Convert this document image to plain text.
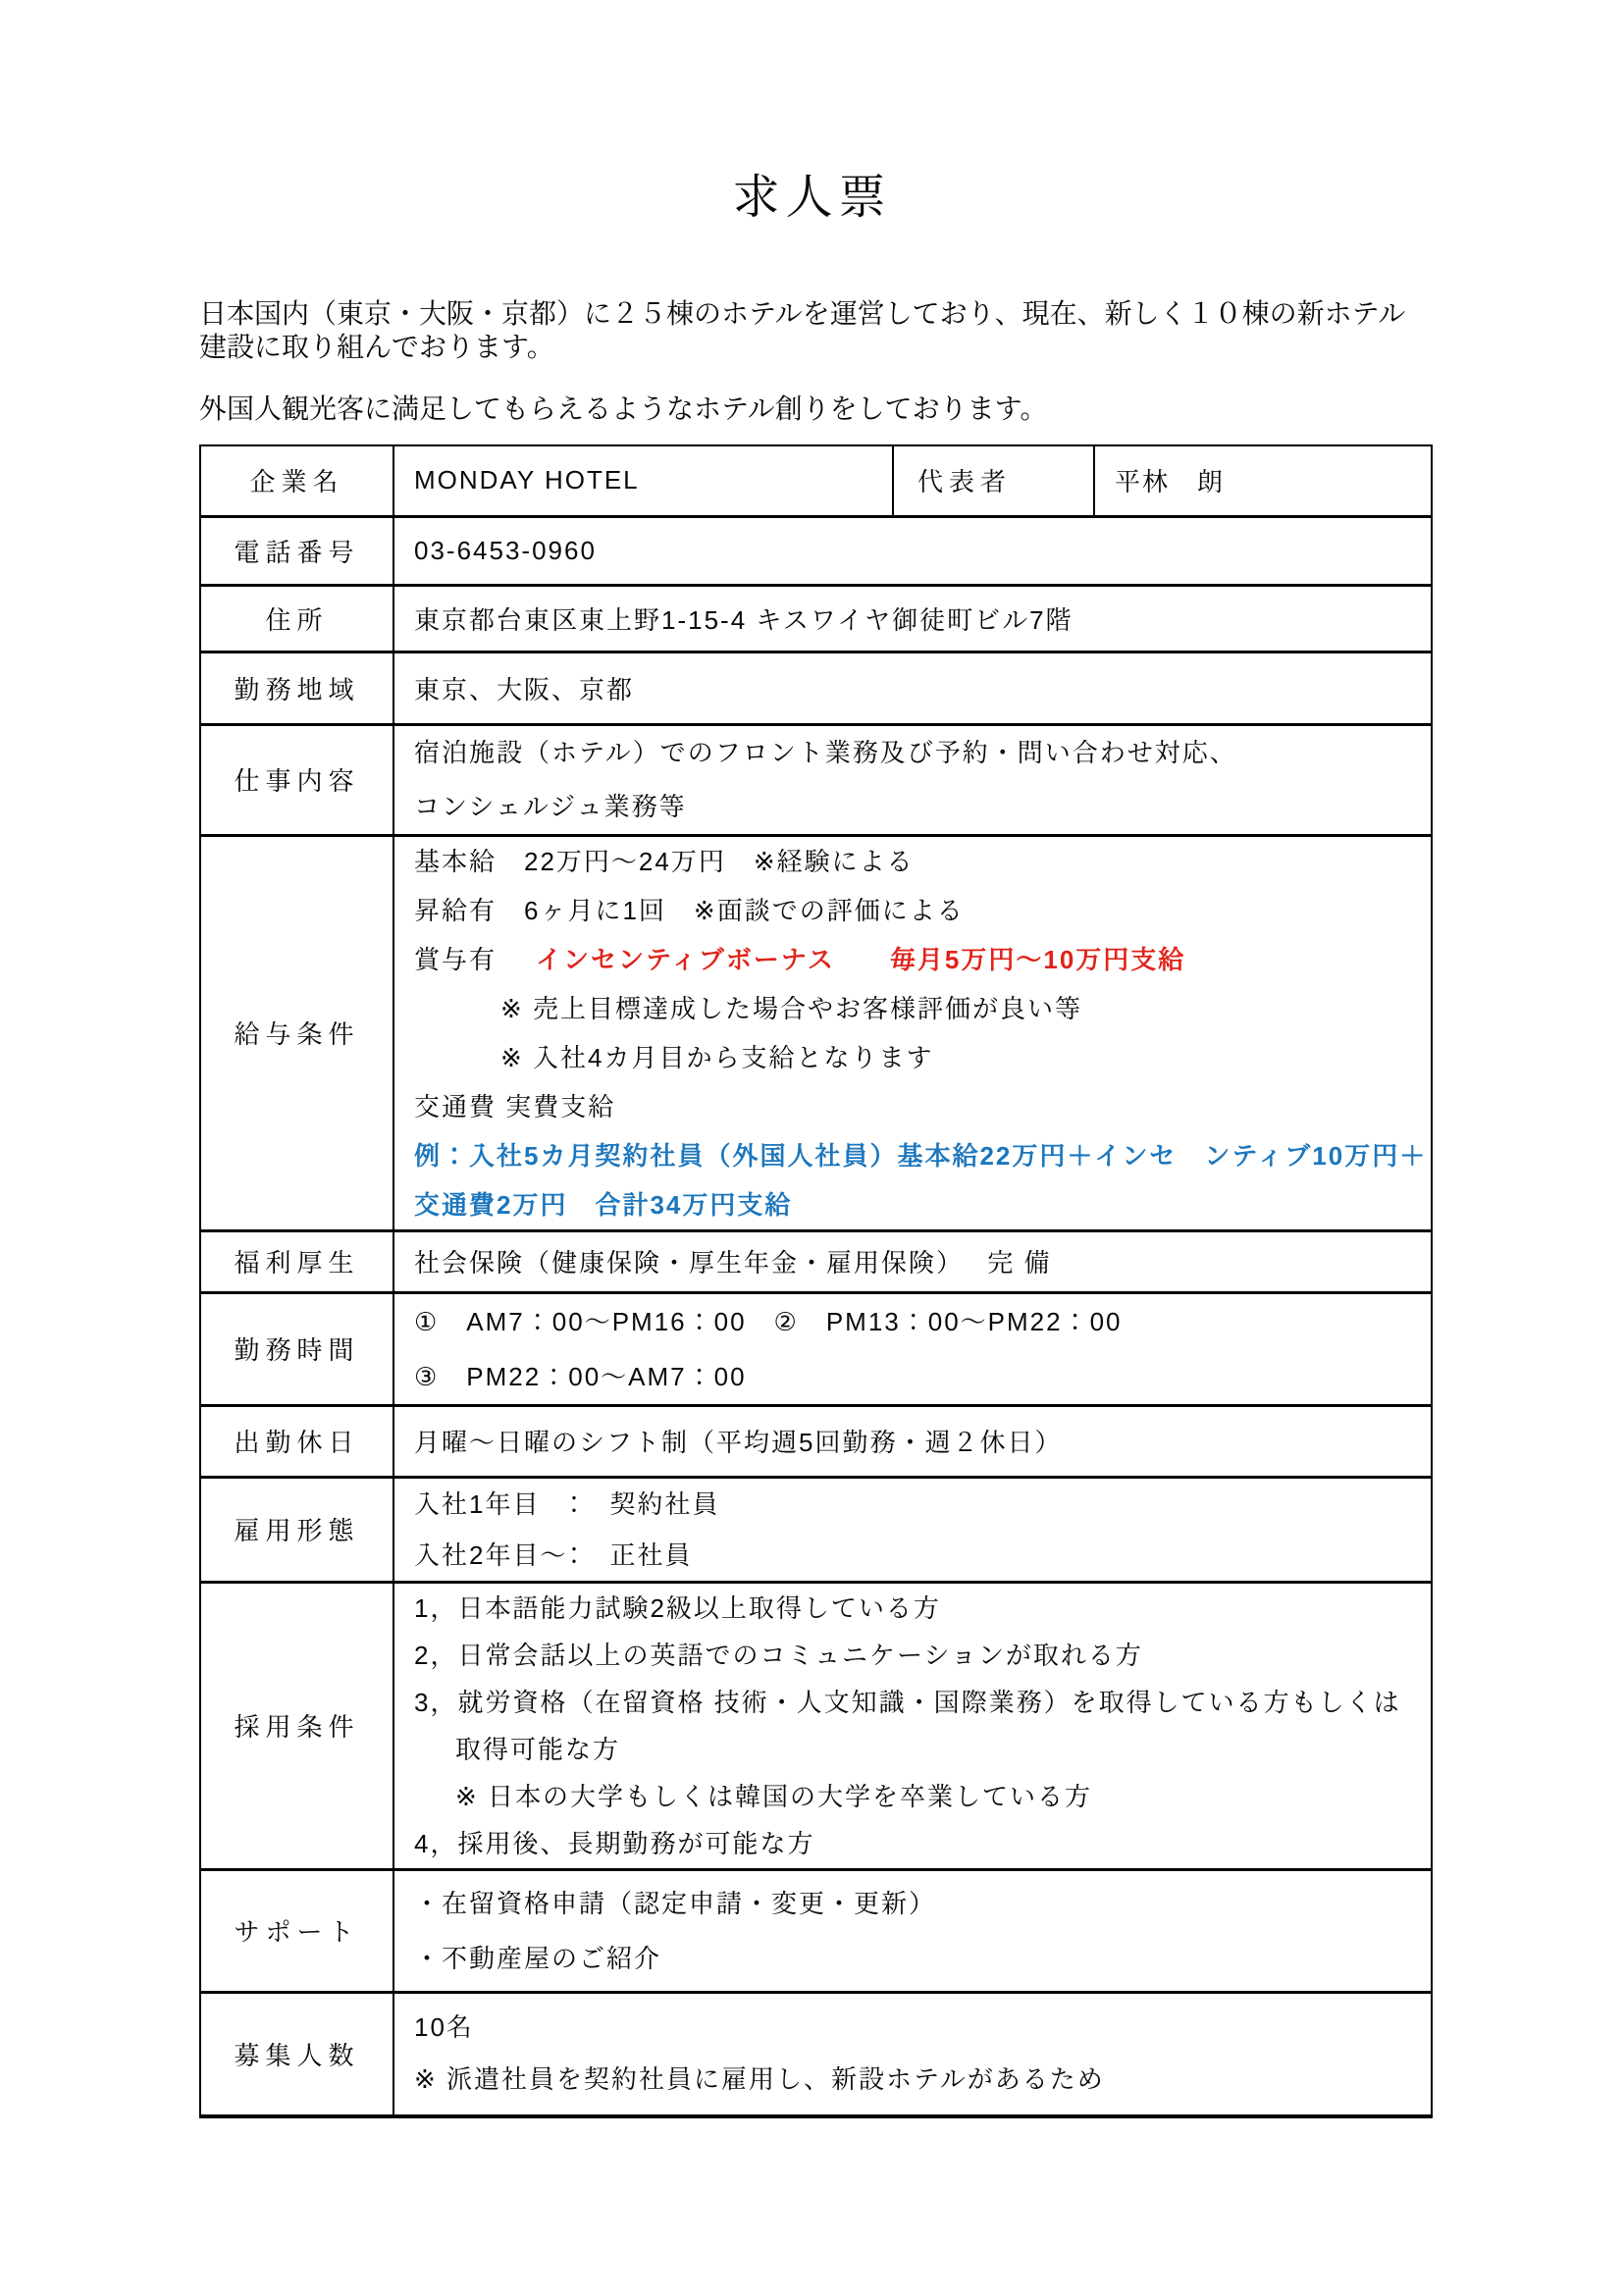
求人票

日本国内（東京・大阪・京都）に２５棟のホテルを運営しており、現在、新しく１０棟の新ホテル建設に取り組んでおります。

外国人観光客に満足してもらえるようなホテル創りをしております。

企業名	MONDAY HOTEL	代表者	平林　朗
電話番号	03-6453-0960		
住所	東京都台東区東上野1-15-4 キスワイヤ御徒町ビル7階		
勤務地域	東京、大阪、京都		
仕事内容	宿泊施設（ホテル）でのフロント業務及び予約・問い合わせ対応、
コンシェルジュ業務等		

給与条件	
基本給　22万円～24万円　※経験による
昇給有　6ヶ月に1回　※面談での評価による
賞与有 インセンティブボーナス　　毎月5万円～10万円支給
※ 売上目標達成した場合やお客様評価が良い等
※ 入社4カ月目から支給となります
交通費 実費支給
例：入社5カ月契約社員（外国人社員）基本給22万円＋インセ　ンティブ10万円＋
交通費2万円　合計34万円支給

福利厚生	社会保険（健康保険・厚生年金・雇用保険）　 完 備		
勤務時間	①　AM7：00～PM16：00　②　PM13：00～PM22：00
③　PM22：00～AM7：00		

出勤休日	月曜～日曜のシフト制（平均週5回勤務・週２休日）		
雇用形態	入社1年目　：　契約社員
入社2年目～：　正社員		

採用条件	
1，日本語能力試験2級以上取得している方
2，日常会話以上の英語でのコミュニケーションが取れる方
3，就労資格（在留資格 技術・人文知識・国際業務）を取得している方もしくは
取得可能な方
※ 日本の大学もしくは韓国の大学を卒業している方
4，採用後、長期勤務が可能な方

サポート	・在留資格申請（認定申請・変更・更新）
・不動産屋のご紹介		

募集人数	10名
※ 派遣社員を契約社員に雇用し、新設ホテルがあるため		
